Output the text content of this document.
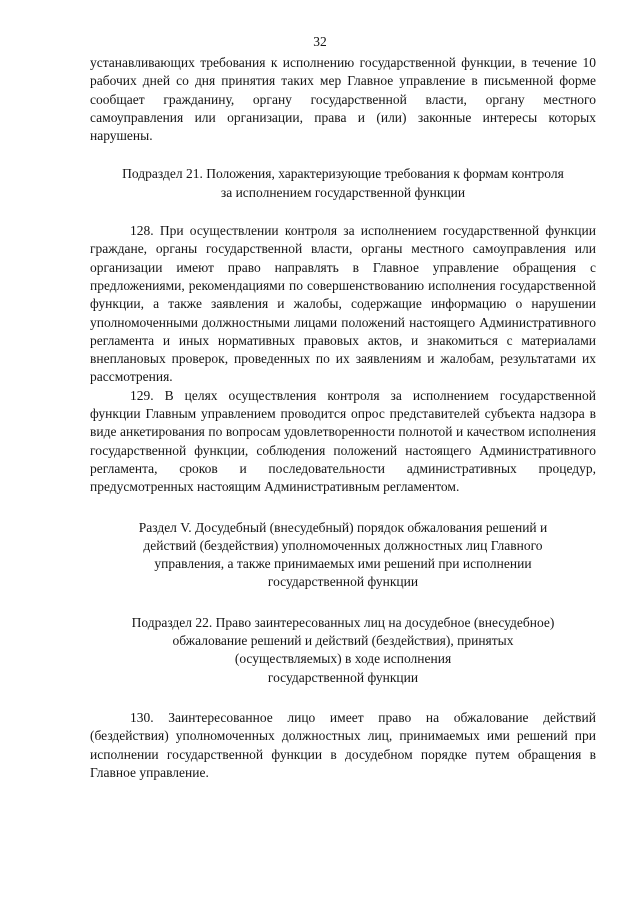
32

устанавливающих требования к исполнению государственной функции, в течение 10 рабочих дней со дня принятия таких мер Главное управление в письменной форме сообщает гражданину, органу государственной власти, органу местного самоуправления или организации, права и (или) законные интересы которых нарушены.

Подраздел 21. Положения, характеризующие требования к формам контроля
за исполнением государственной функции

128. При осуществлении контроля за исполнением государственной функции граждане, органы государственной власти, органы местного самоуправления или организации имеют право направлять в Главное управление обращения с предложениями, рекомендациями по совершенствованию исполнения государственной функции, а также заявления и жалобы, содержащие информацию о нарушении уполномоченными должностными лицами положений настоящего Административного регламента и иных нормативных правовых актов, и знакомиться с материалами внеплановых проверок, проведенных по их заявлениям и жалобам, результатами их рассмотрения.

129. В целях осуществления контроля за исполнением государственной функции Главным управлением проводится опрос представителей субъекта надзора в виде анкетирования по вопросам удовлетворенности полнотой и качеством исполнения государственной функции, соблюдения положений настоящего Административного регламента, сроков и последовательности административных процедур, предусмотренных настоящим Административным регламентом.

Раздел V. Досудебный (внесудебный) порядок обжалования решений и
действий (бездействия) уполномоченных должностных лиц Главного
управления, а также принимаемых ими решений при исполнении
государственной функции
Подраздел 22. Право заинтересованных лиц на досудебное (внесудебное)
обжалование решений и действий (бездействия), принятых
(осуществляемых) в ходе исполнения
государственной функции

130. Заинтересованное лицо имеет право на обжалование действий (бездействия) уполномоченных должностных лиц, принимаемых ими решений при исполнении государственной функции в досудебном порядке путем обращения в Главное управление.
